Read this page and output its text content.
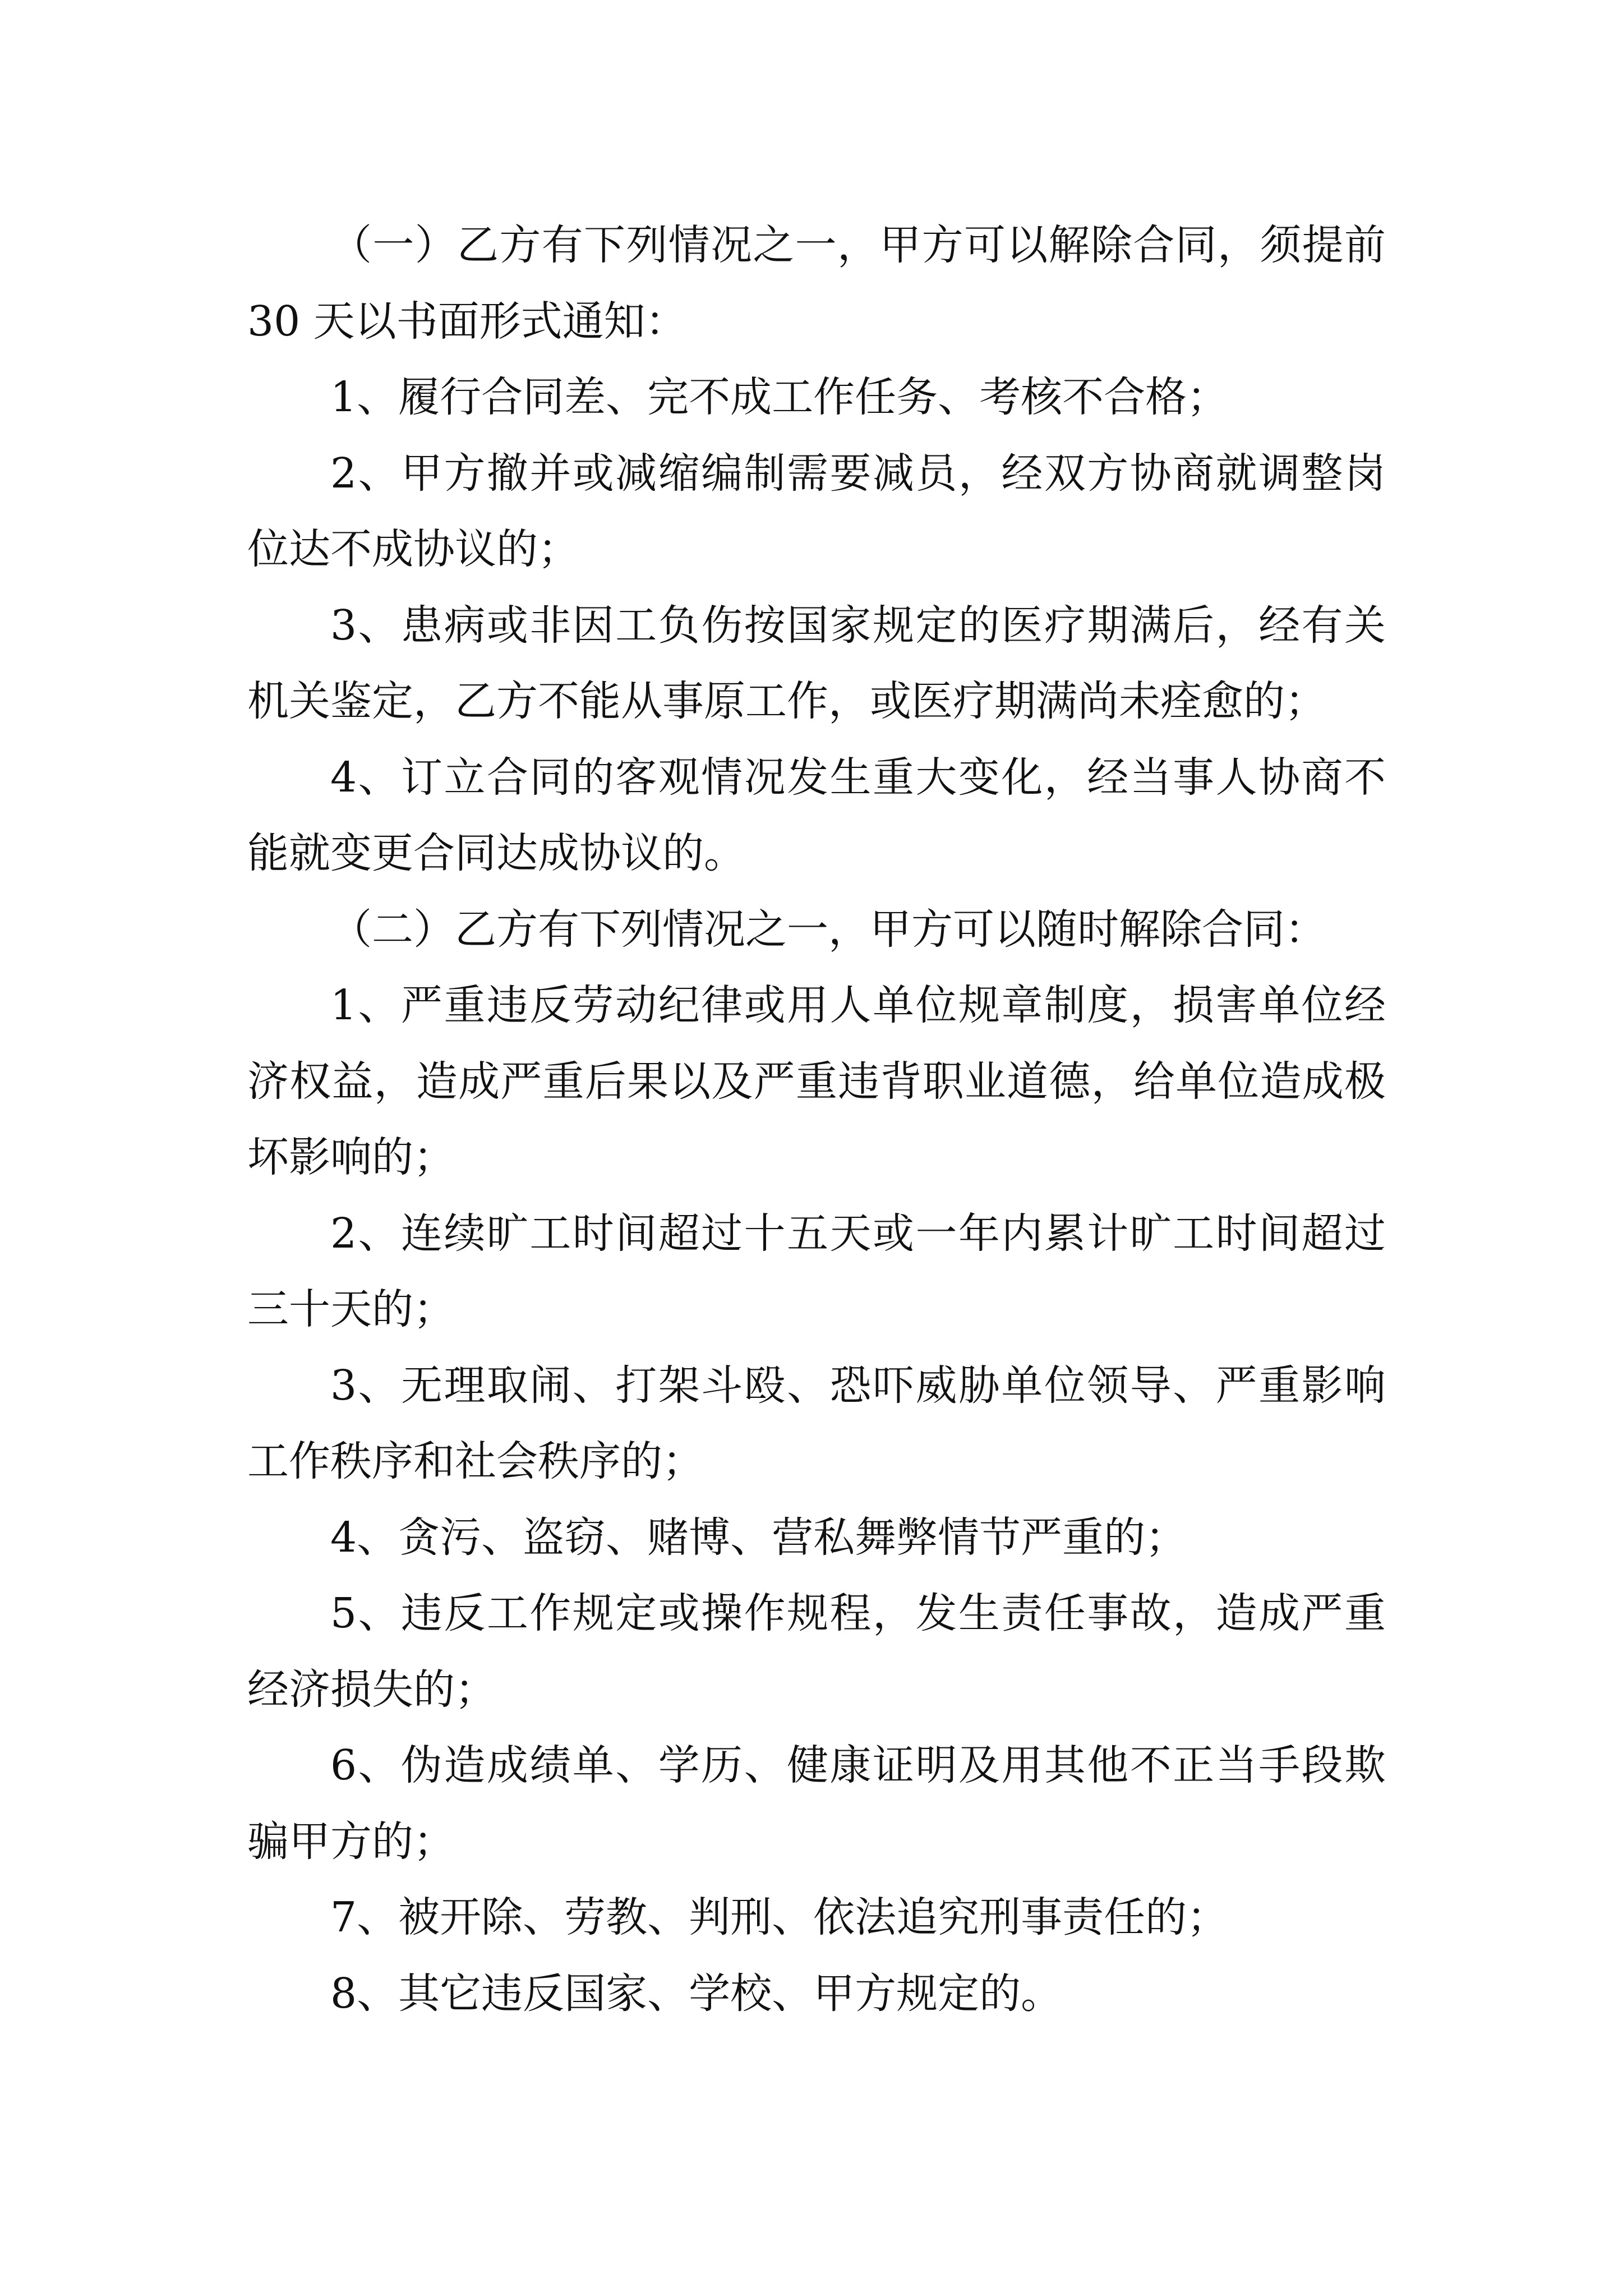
（一）乙方有下列情况之一，甲方可以解除合同，须提前 30 天以书面形式通知：

1、履行合同差、完不成工作任务、考核不合格；

2、甲方撤并或减缩编制需要减员，经双方协商就调整岗位达不成协议的；

3、患病或非因工负伤按国家规定的医疗期满后，经有关机关鉴定，乙方不能从事原工作，或医疗期满尚未痊愈的；

4、订立合同的客观情况发生重大变化，经当事人协商不能就变更合同达成协议的。

（二）乙方有下列情况之一，甲方可以随时解除合同：

1、严重违反劳动纪律或用人单位规章制度，损害单位经济权益，造成严重后果以及严重违背职业道德，给单位造成极坏影响的；

2、连续旷工时间超过十五天或一年内累计旷工时间超过三十天的；

3、无理取闹、打架斗殴、恐吓威胁单位领导、严重影响工作秩序和社会秩序的；

4、贪污、盗窃、赌博、营私舞弊情节严重的；

5、违反工作规定或操作规程，发生责任事故，造成严重经济损失的；

6、伪造成绩单、学历、健康证明及用其他不正当手段欺骗甲方的；

7、被开除、劳教、判刑、依法追究刑事责任的；

8、其它违反国家、学校、甲方规定的。
